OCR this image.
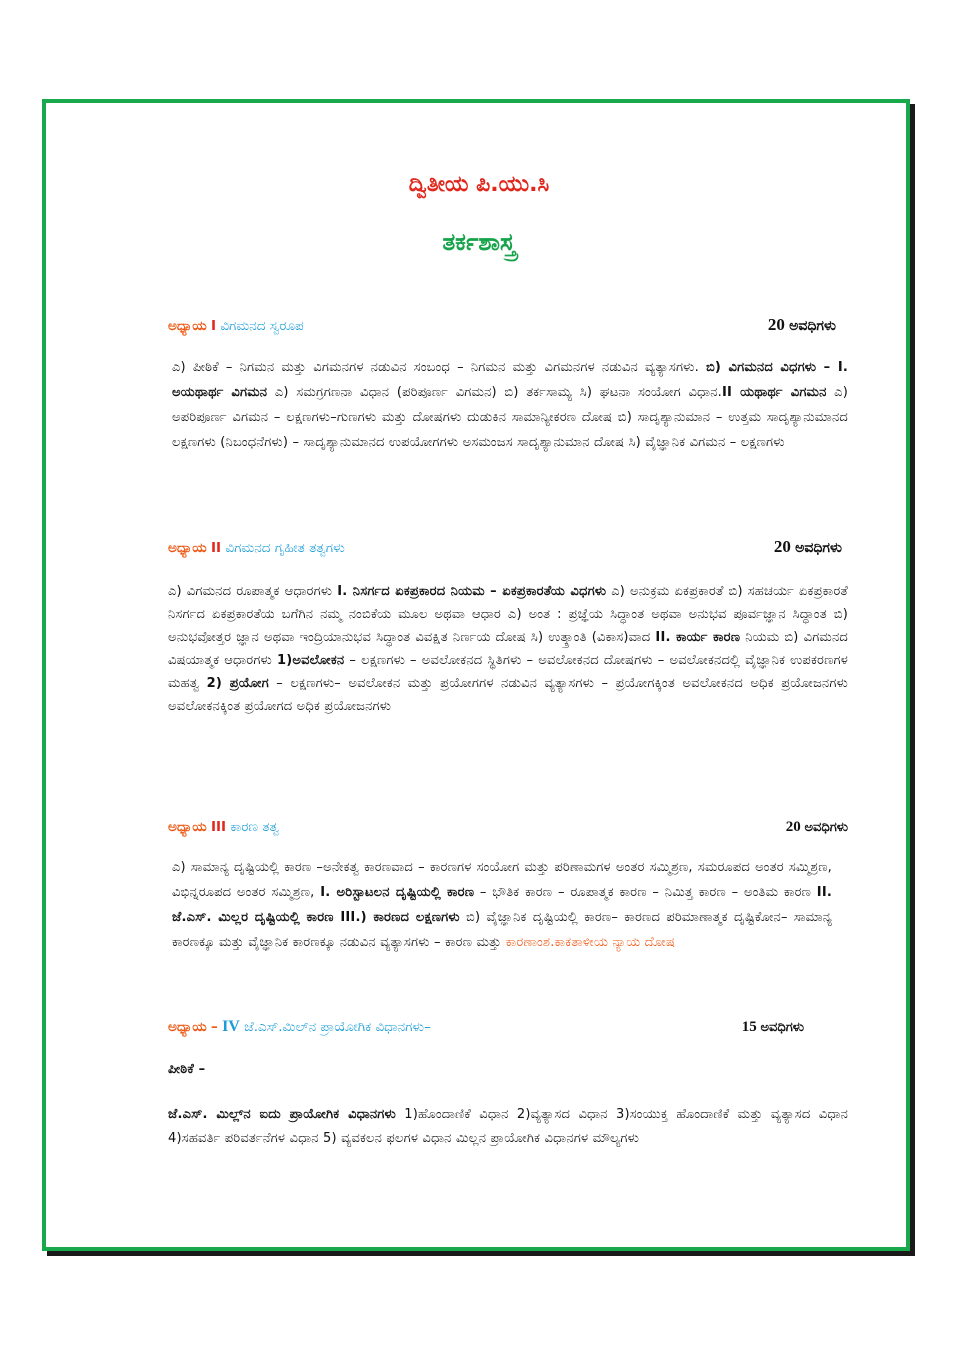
ದ್ವಿತೀಯ ಪಿ.ಯು.ಸಿ
ತರ್ಕಶಾಸ್ತ್ರ
ಅಧ್ಯಾಯ I ವಿಗಮನದ ಸ್ವರೂಪ	20 ಅವಧಿಗಳು
ಎ) ಪೀಠಿಕೆ – ನಿಗಮನ ಮತ್ತು ವಿಗಮನಗಳ ನಡುವಿನ ಸಂಬಂಧ – ನಿಗಮನ ಮತ್ತು ವಿಗಮನಗಳ ನಡುವಿನ ವ್ಯತ್ಯಾಸಗಳು. ಬಿ) ವಿಗಮನದ ವಿಧಗಳು – I. ಅಯಥಾರ್ಥ ವಿಗಮನ ಎ) ಸಮಗ್ರಗಣನಾ ವಿಧಾನ (ಪರಿಪೂರ್ಣ ವಿಗಮನ) ಬಿ) ತರ್ಕಸಾಮ್ಯ ಸಿ) ಘಟನಾ ಸಂಯೋಗ ವಿಧಾನ.II ಯಥಾರ್ಥ ವಿಗಮನ ಎ) ಅಪರಿಪೂರ್ಣ ವಿಗಮನ – ಲಕ್ಷಣಗಳು–ಗುಣಗಳು ಮತ್ತು ದೋಷಗಳು ದುಡುಕಿನ ಸಾಮಾನ್ಯೀಕರಣ ದೋಷ ಬಿ) ಸಾದೃಶ್ಯಾನುಮಾನ – ಉತ್ತಮ ಸಾದೃಶ್ಯಾನುಮಾನದ ಲಕ್ಷಣಗಳು (ನಿಬಂಧನೆಗಳು) – ಸಾದೃಶ್ಯಾನುಮಾನದ ಉಪಯೋಗಗಳು ಅಸಮಂಜಸ ಸಾದೃಶ್ಯಾನುಮಾನ ದೋಷ ಸಿ) ವೈಜ್ಞಾನಿಕ ವಿಗಮನ – ಲಕ್ಷಣಗಳು
ಅಧ್ಯಾಯ II ವಿಗಮನದ ಗೃಹೀತ ತತ್ವಗಳು	20 ಅವಧಿಗಳು
ಎ) ವಿಗಮನದ ರೂಪಾತ್ಮಕ ಆಧಾರಗಳು I. ನಿಸರ್ಗದ ಏಕಪ್ರಕಾರದ ನಿಯಮ – ಏಕಪ್ರಕಾರತೆಯ ವಿಧಗಳು ಎ) ಅನುಕ್ರಮ ಏಕಪ್ರಕಾರತೆ ಬಿ) ಸಹಚರ್ಯ ಏಕಪ್ರಕಾರತೆ ನಿಸರ್ಗದ ಏಕಪ್ರಕಾರತೆಯ ಬಗೆಗಿನ ನಮ್ಮ ನಂಬಿಕೆಯ ಮೂಲ ಅಥವಾ ಆಧಾರ ಎ) ಅಂತ : ಪ್ರಜ್ಞೆಯ ಸಿದ್ಧಾಂತ ಅಥವಾ ಅನುಭವ ಪೂರ್ವಜ್ಞಾನ ಸಿದ್ಧಾಂತ ಬಿ) ಅನುಭವೋತ್ತರ ಜ್ಞಾನ ಅಥವಾ ಇಂದ್ರಿಯಾನುಭವ ಸಿದ್ಧಾಂತ ವಿವಕ್ಷಿತ ನಿರ್ಣಯ ದೋಷ ಸಿ) ಉತ್ಕ್ರಾಂತಿ (ವಿಕಾಸ)ವಾದ II. ಕಾರ್ಯ ಕಾರಣ ನಿಯಮ ಬಿ) ವಿಗಮನದ ವಿಷಯಾತ್ಮಕ ಆಧಾರಗಳು 1)ಅವಲೋಕನ – ಲಕ್ಷಣಗಳು – ಅವಲೋಕನದ ಸ್ಥಿತಿಗಳು – ಅವಲೋಕನದ ದೋಷಗಳು – ಅವಲೋಕನದಲ್ಲಿ ವೈಜ್ಞಾನಿಕ ಉಪಕರಣಗಳ ಮಹತ್ವ 2) ಪ್ರಯೋಗ – ಲಕ್ಷಣಗಳು– ಅವಲೋಕನ ಮತ್ತು ಪ್ರಯೋಗಗಳ ನಡುವಿನ ವ್ಯತ್ಯಾಸಗಳು – ಪ್ರಯೋಗಕ್ಕಿಂತ ಅವಲೋಕನದ ಅಧಿಕ ಪ್ರಯೋಜನಗಳು ಅವಲೋಕನಕ್ಕಿಂತ ಪ್ರಯೋಗದ ಅಧಿಕ ಪ್ರಯೋಜನಗಳು
ಅಧ್ಯಾಯ III ಕಾರಣ ತತ್ವ	20 ಅವಧಿಗಳು
ಎ) ಸಾಮಾನ್ಯ ದೃಷ್ಟಿಯಲ್ಲಿ ಕಾರಣ –ಅನೇಕತ್ವ ಕಾರಣವಾದ – ಕಾರಣಗಳ ಸಂಯೋಗ ಮತ್ತು ಪರಿಣಾಮಗಳ ಅಂತರ ಸಮ್ಮಿಶ್ರಣ, ಸಮರೂಪದ ಅಂತರ ಸಮ್ಮಿಶ್ರಣ, ವಿಭಿನ್ನರೂಪದ ಅಂತರ ಸಮ್ಮಿಶ್ರಣ, I. ಅರಿಸ್ಟಾಟಲನ ದೃಷ್ಟಿಯಲ್ಲಿ ಕಾರಣ – ಭೌತಿಕ ಕಾರಣ – ರೂಪಾತ್ಮಕ ಕಾರಣ – ನಿಮಿತ್ತ ಕಾರಣ – ಅಂತಿಮ ಕಾರಣ II. ಜೆ.ಎಸ್. ಮಿಲ್ಲರ ದೃಷ್ಟಿಯಲ್ಲಿ ಕಾರಣ III.) ಕಾರಣದ ಲಕ್ಷಣಗಳು ಬಿ) ವೈಜ್ಞಾನಿಕ ದೃಷ್ಟಿಯಲ್ಲಿ ಕಾರಣ– ಕಾರಣದ ಪರಿಮಾಣಾತ್ಮಕ ದೃಷ್ಟಿಕೋನ– ಸಾಮಾನ್ಯ ಕಾರಣಕ್ಕೂ ಮತ್ತು ವೈಜ್ಞಾನಿಕ ಕಾರಣಕ್ಕೂ ನಡುವಿನ ವ್ಯತ್ಯಾಸಗಳು – ಕಾರಣ ಮತ್ತು ಕಾರಣಾಂಶ.ಕಾಕತಾಳೀಯ ನ್ಯಾಯ ದೋಷ
ಅಧ್ಯಾಯ – IV ಜೆ.ಎಸ್.ಮಿಲ್‌ನ ಪ್ರಾಯೋಗಿಕ ವಿಧಾನಗಳು–	15 ಅವಧಿಗಳು
ಪೀಠಿಕೆ –
ಜೆ.ಎಸ್. ಮಿಲ್ಲ್‌ನ ಐದು ಪ್ರಾಯೋಗಿಕ ವಿಧಾನಗಳು 1)ಹೊಂದಾಣಿಕೆ ವಿಧಾನ 2)ವ್ಯತ್ಯಾಸದ ವಿಧಾನ 3)ಸಂಯುಕ್ತ ಹೊಂದಾಣಿಕೆ ಮತ್ತು ವ್ಯತ್ಯಾಸದ ವಿಧಾನ 4)ಸಹವರ್ತಿ ಪರಿವರ್ತನೆಗಳ ವಿಧಾನ 5) ವ್ಯವಕಲನ ಫಲಗಳ ವಿಧಾನ ಮಿಲ್ಲನ ಪ್ರಾಯೋಗಿಕ ವಿಧಾನಗಳ ಮೌಲ್ಯಗಳು
